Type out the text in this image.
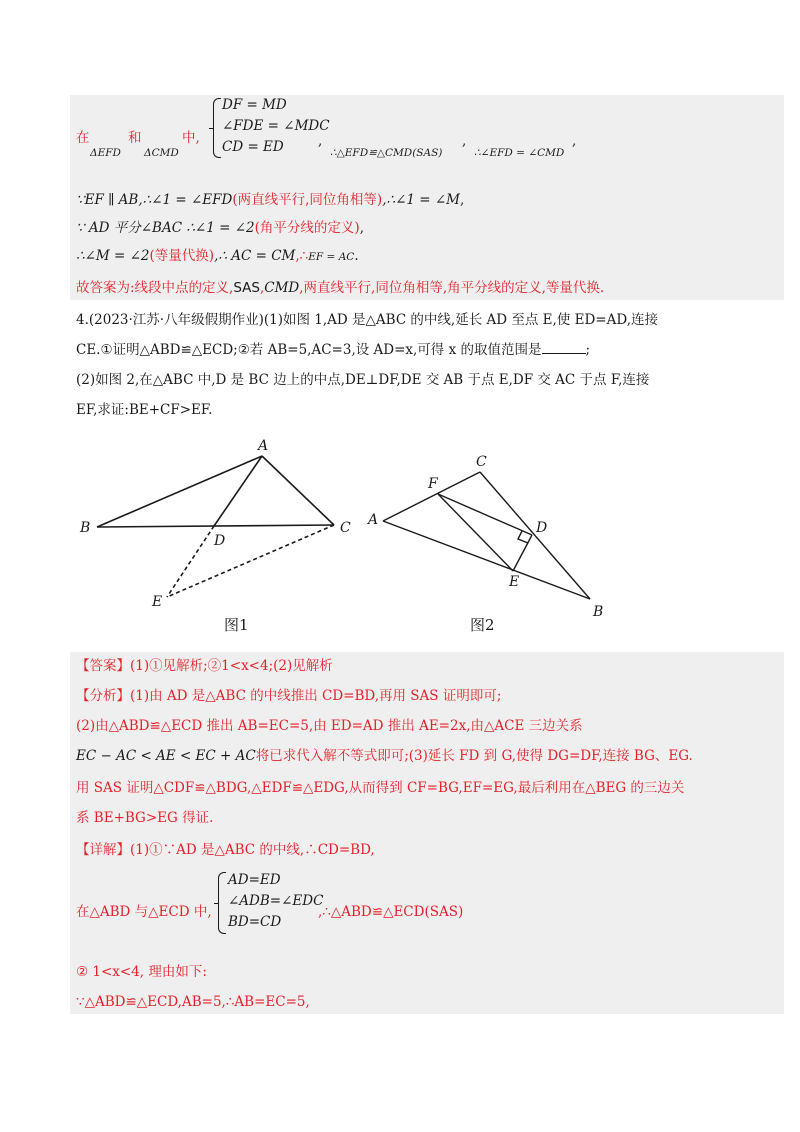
在	和	中,
ΔEFD ΔCMD
DF = MD
∠FDE = ∠MDC
CD = ED	,
∴△EFD≌△CMD(SAS)
,
∴∠EFD = ∠CMD
,
∵EF ∥ AB,∴∠1 = ∠EFD(两直线平行,同位角相等),∴∠1 = ∠M,
∵ AD 平分∠BAC ∴∠1 = ∠2(角平分线的定义),
∴∠M = ∠2(等量代换),∴ AC = CM,∴EF = AC.
故答案为:线段中点的定义,SAS,CMD,两直线平行,同位角相等,角平分线的定义,等量代换.
4.(2023·江苏·八年级假期作业)(1)如图 1,AD 是△ABC 的中线,延长 AD 至点 E,使 ED=AD,连接
CE.①证明△ABD≌△ECD;②若 AB=5,AC=3,设 AD=x,可得 x 的取值范围是	;
(2)如图 2,在△ABC 中,D 是 BC 边上的中点,DE⊥DF,DE 交 AB 于点 E,DF 交 AC 于点 F,连接
EF,求证:BE+CF>EF.
A
B	C
D
E
C
F
A	D
E
B
图1	图2
【答案】(1)①见解析;②1<x<4;(2)见解析
【分析】(1)由 AD 是△ABC 的中线推出 CD=BD,再用 SAS 证明即可;
(2)由△ABD≌△ECD 推出 AB=EC=5,由 ED=AD 推出 AE=2x,由△ACE 三边关系
EC − AC < AE < EC + AC将已求代入解不等式即可;(3)延长 FD 到 G,使得 DG=DF,连接 BG、EG.
用 SAS 证明△CDF≌△BDG,△EDF≌△EDG,从而得到 CF=BG,EF=EG,最后利用在△BEG 的三边关
系 BE+BG>EG 得证.
【详解】(1)①∵AD 是△ABC 的中线,∴CD=BD,
在△ABD 与△ECD 中,
AD=ED
∠ADB=∠EDC
BD=CD
,∴△ABD≌△ECD(SAS)
② 1<x<4, 理由如下:
∵△ABD≌△ECD,AB=5,∴AB=EC=5,
